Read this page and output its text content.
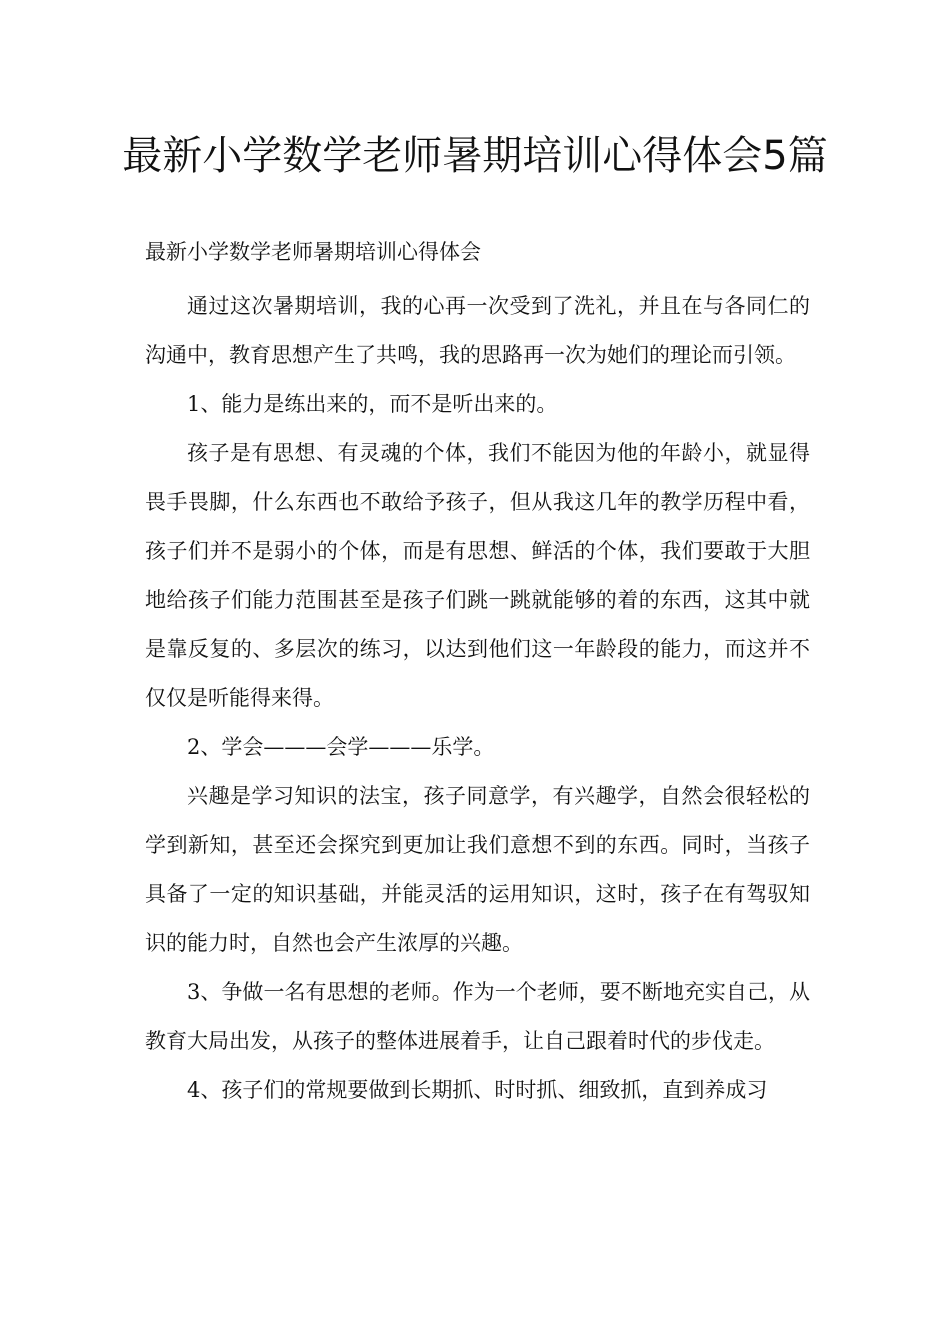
最新小学数学老师暑期培训心得体会5篇

最新小学数学老师暑期培训心得体会

通过这次暑期培训，我的心再一次受到了洗礼，并且在与各同仁的沟通中，教育思想产生了共鸣，我的思路再一次为她们的理论而引领。

1、能力是练出来的，而不是听出来的。

孩子是有思想、有灵魂的个体，我们不能因为他的年龄小，就显得畏手畏脚，什么东西也不敢给予孩子，但从我这几年的教学历程中看，孩子们并不是弱小的个体，而是有思想、鲜活的个体，我们要敢于大胆地给孩子们能力范围甚至是孩子们跳一跳就能够的着的东西，这其中就是靠反复的、多层次的练习，以达到他们这一年龄段的能力，而这并不仅仅是听能得来得。

2、学会———会学———乐学。

兴趣是学习知识的法宝，孩子同意学，有兴趣学，自然会很轻松的学到新知，甚至还会探究到更加让我们意想不到的东西。同时，当孩子具备了一定的知识基础，并能灵活的运用知识，这时，孩子在有驾驭知识的能力时，自然也会产生浓厚的兴趣。

3、争做一名有思想的老师。作为一个老师，要不断地充实自己，从教育大局出发，从孩子的整体进展着手，让自己跟着时代的步伐走。

4、孩子们的常规要做到长期抓、时时抓、细致抓，直到养成习
